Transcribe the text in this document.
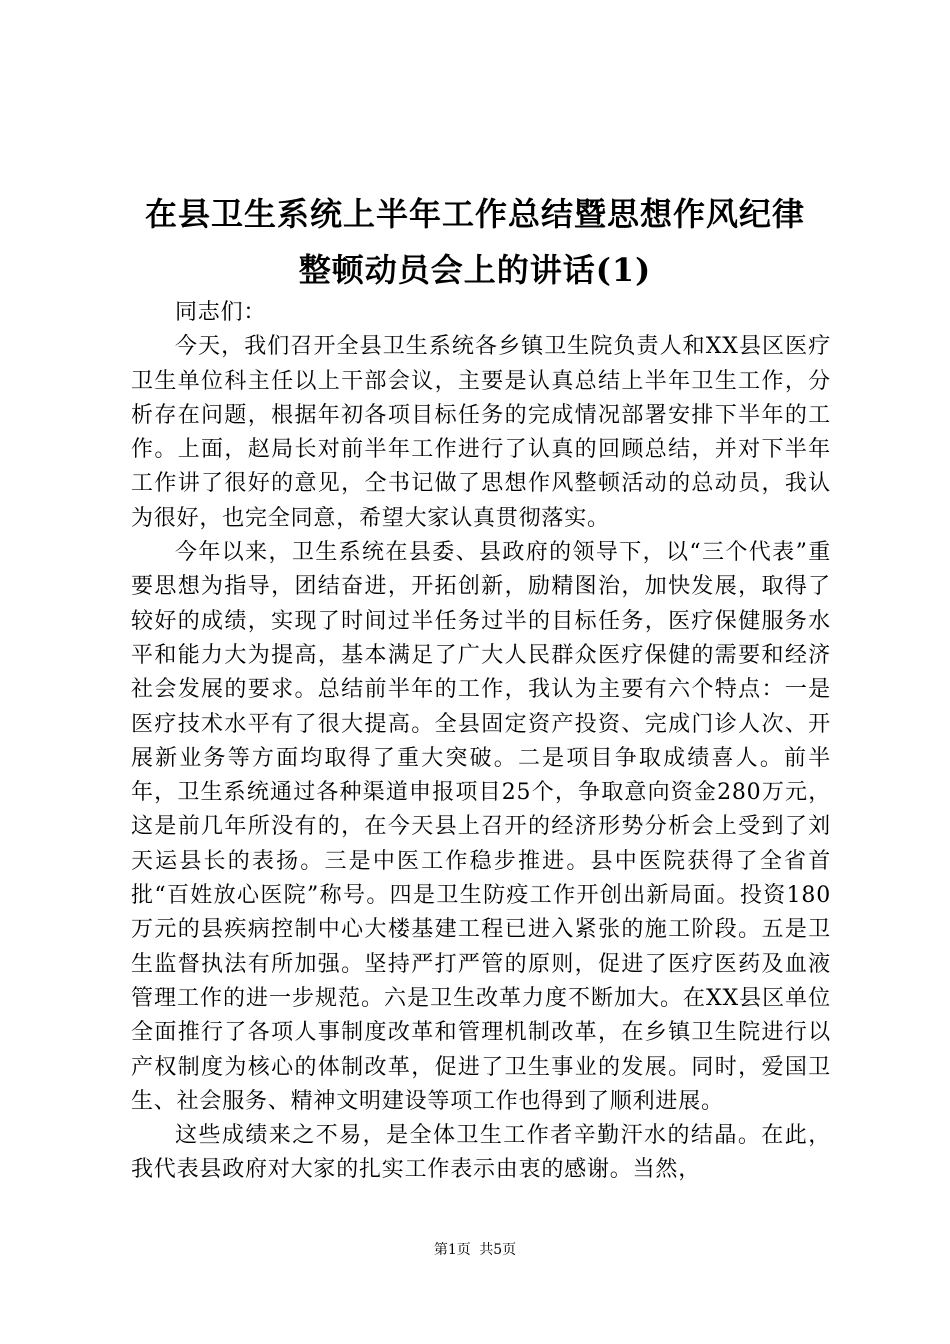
在县卫生系统上半年工作总结暨思想作风纪律
整顿动员会上的讲话(1)

同志们：

今天，我们召开全县卫生系统各乡镇卫生院负责人和XX县区医疗卫生单位科主任以上干部会议，主要是认真总结上半年卫生工作，分析存在问题，根据年初各项目标任务的完成情况部署安排下半年的工作。上面，赵局长对前半年工作进行了认真的回顾总结，并对下半年工作讲了很好的意见，仝书记做了思想作风整顿活动的总动员，我认为很好，也完全同意，希望大家认真贯彻落实。

今年以来，卫生系统在县委、县政府的领导下，以“三个代表”重要思想为指导，团结奋进，开拓创新，励精图治，加快发展，取得了较好的成绩，实现了时间过半任务过半的目标任务，医疗保健服务水平和能力大为提高，基本满足了广大人民群众医疗保健的需要和经济社会发展的要求。总结前半年的工作，我认为主要有六个特点：一是医疗技术水平有了很大提高。全县固定资产投资、完成门诊人次、开展新业务等方面均取得了重大突破。二是项目争取成绩喜人。前半年，卫生系统通过各种渠道申报项目25个，争取意向资金280万元，这是前几年所没有的，在今天县上召开的经济形势分析会上受到了刘天运县长的表扬。三是中医工作稳步推进。县中医院获得了全省首批“百姓放心医院”称号。四是卫生防疫工作开创出新局面。投资180万元的县疾病控制中心大楼基建工程已进入紧张的施工阶段。五是卫生监督执法有所加强。坚持严打严管的原则，促进了医疗医药及血液管理工作的进一步规范。六是卫生改革力度不断加大。在XX县区单位全面推行了各项人事制度改革和管理机制改革，在乡镇卫生院进行以产权制度为核心的体制改革，促进了卫生事业的发展。同时，爱国卫生、社会服务、精神文明建设等项工作也得到了顺利进展。

这些成绩来之不易，是全体卫生工作者辛勤汗水的结晶。在此，我代表县政府对大家的扎实工作表示由衷的感谢。当然，

第1页 共5页
